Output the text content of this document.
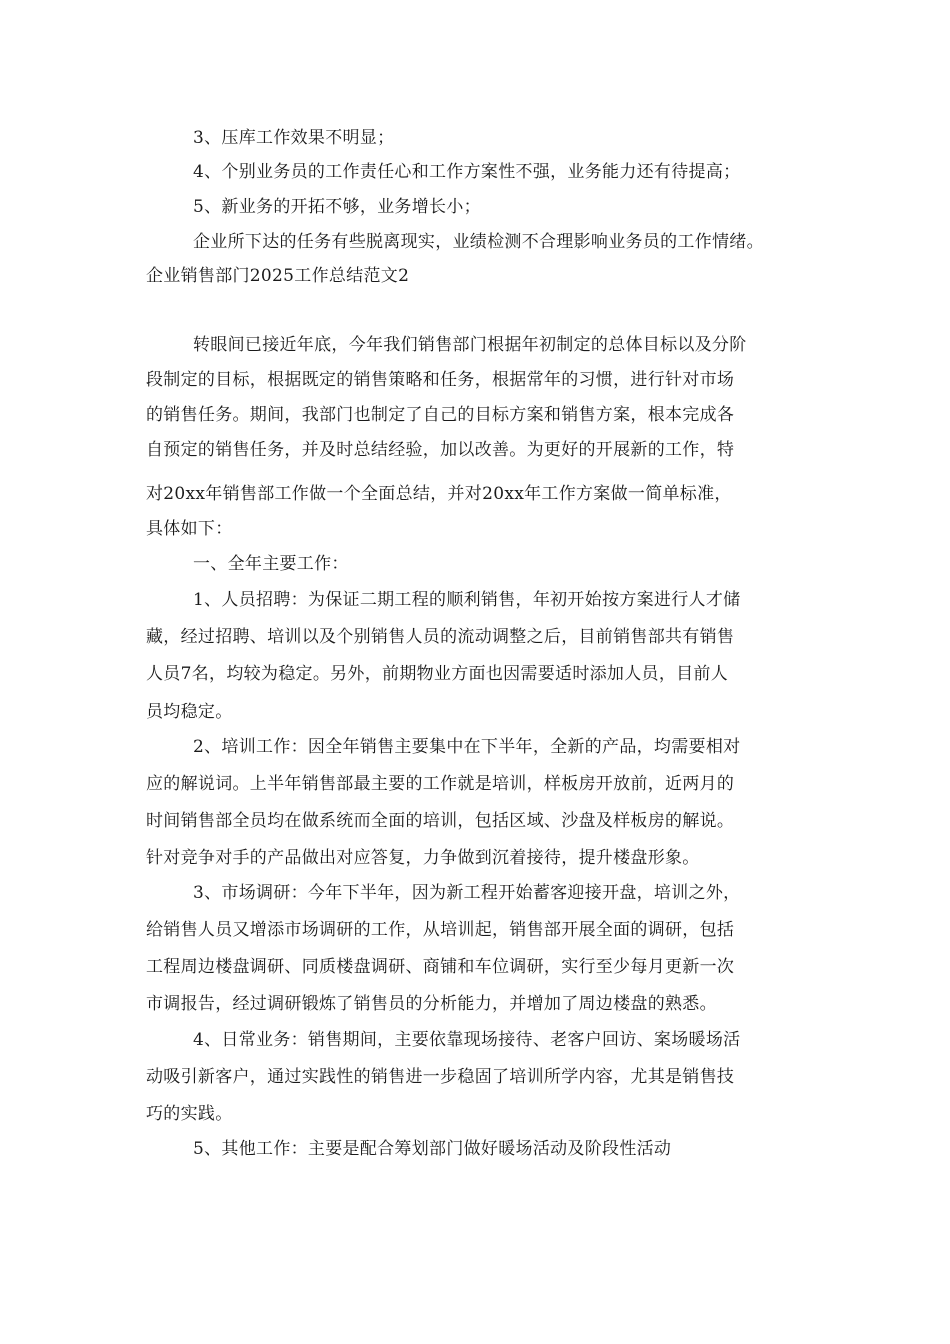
3、压库工作效果不明显；
4、个别业务员的工作责任心和工作方案性不强，业务能力还有待提高；
5、新业务的开拓不够，业务增长小；
企业所下达的任务有些脱离现实，业绩检测不合理影响业务员的工作情绪。
企业销售部门2025工作总结范文2
转眼间已接近年底，今年我们销售部门根据年初制定的总体目标以及分阶
段制定的目标，根据既定的销售策略和任务，根据常年的习惯，进行针对市场
的销售任务。期间，我部门也制定了自己的目标方案和销售方案，根本完成各
自预定的销售任务，并及时总结经验，加以改善。为更好的开展新的工作，特
对20xx年销售部工作做一个全面总结，并对20xx年工作方案做一简单标准，
具体如下：
一、全年主要工作：
1、人员招聘：为保证二期工程的顺利销售，年初开始按方案进行人才储
藏，经过招聘、培训以及个别销售人员的流动调整之后，目前销售部共有销售
人员7名，均较为稳定。另外，前期物业方面也因需要适时添加人员，目前人
员均稳定。
2、培训工作：因全年销售主要集中在下半年，全新的产品，均需要相对
应的解说词。上半年销售部最主要的工作就是培训，样板房开放前，近两月的
时间销售部全员均在做系统而全面的培训，包括区域、沙盘及样板房的解说。
针对竞争对手的产品做出对应答复，力争做到沉着接待，提升楼盘形象。
3、市场调研：今年下半年，因为新工程开始蓄客迎接开盘，培训之外，
给销售人员又增添市场调研的工作，从培训起，销售部开展全面的调研，包括
工程周边楼盘调研、同质楼盘调研、商铺和车位调研，实行至少每月更新一次
市调报告，经过调研锻炼了销售员的分析能力，并增加了周边楼盘的熟悉。
4、日常业务：销售期间，主要依靠现场接待、老客户回访、案场暖场活
动吸引新客户，通过实践性的销售进一步稳固了培训所学内容，尤其是销售技
巧的实践。
5、其他工作：主要是配合筹划部门做好暖场活动及阶段性活动
